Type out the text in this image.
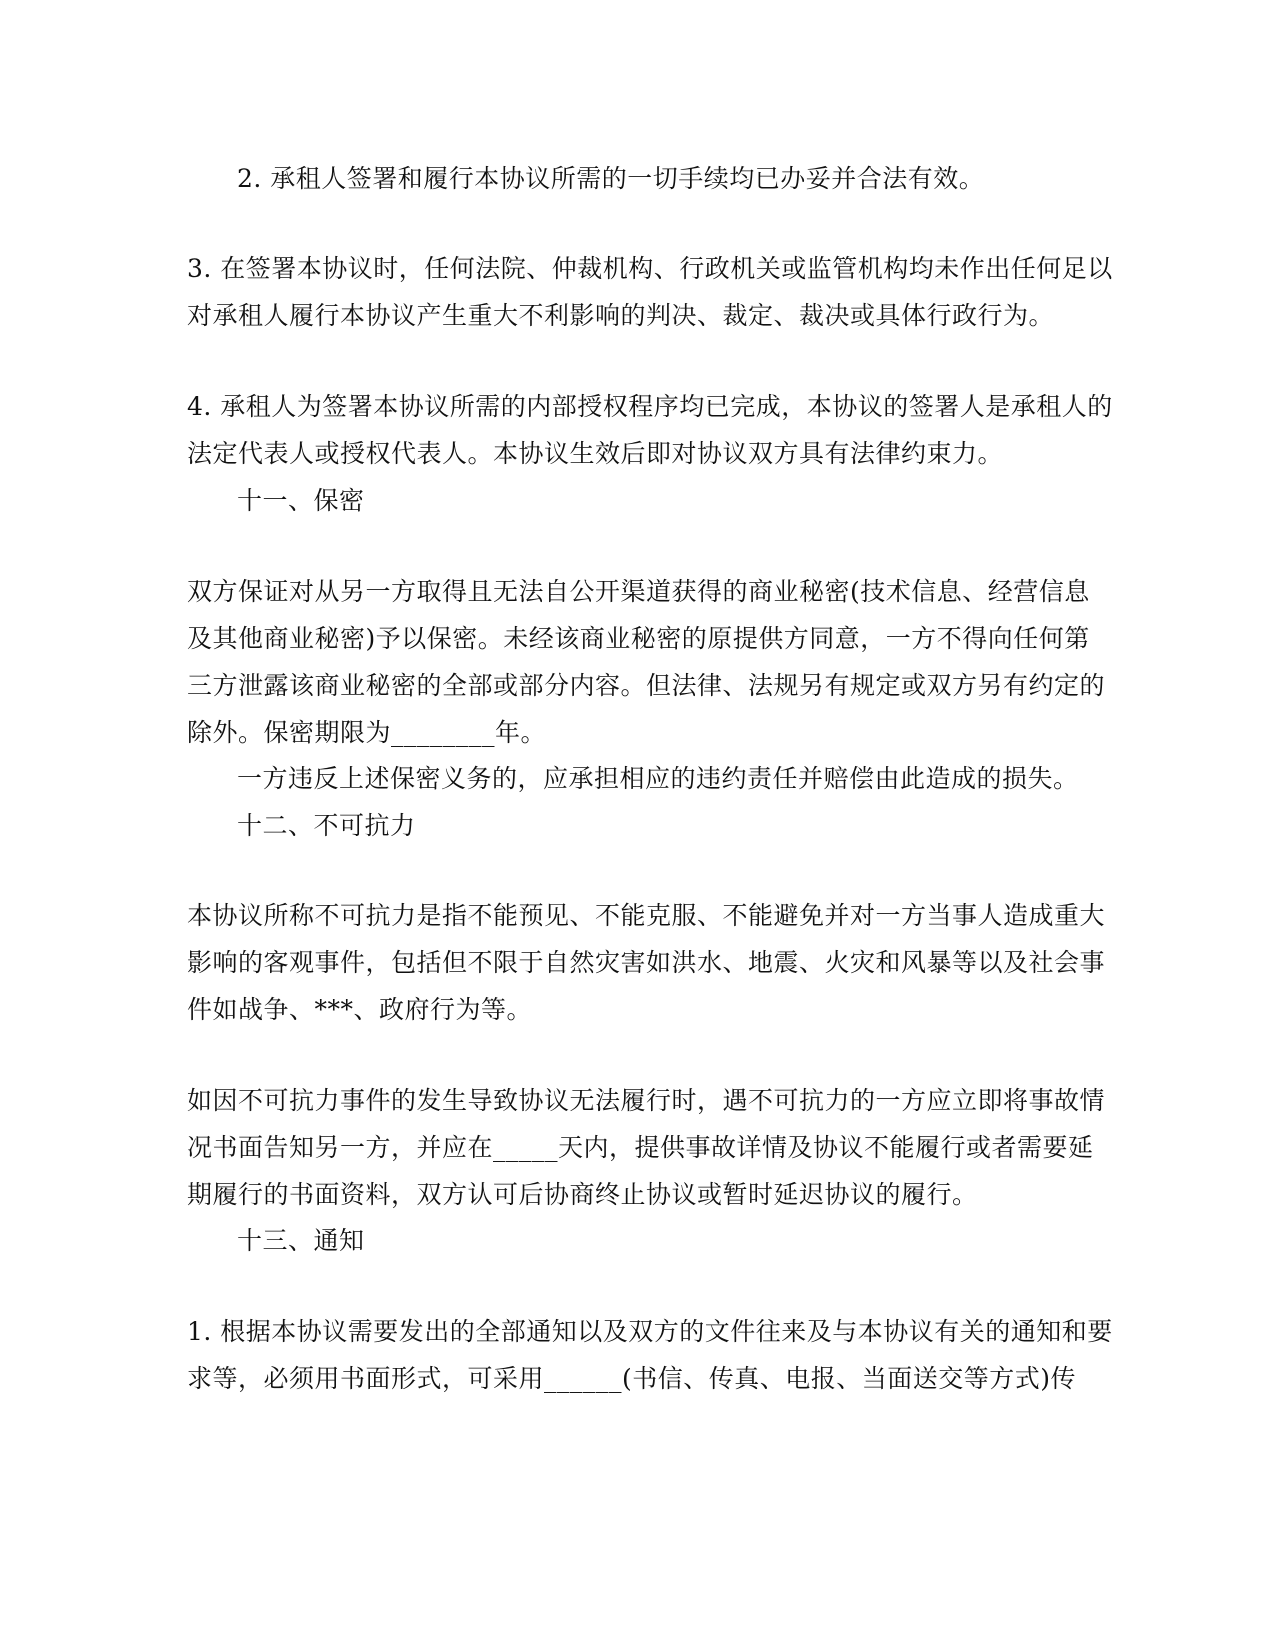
2. 承租人签署和履行本协议所需的一切手续均已办妥并合法有效。
3. 在签署本协议时，任何法院、仲裁机构、行政机关或监管机构均未作出任何足以
对承租人履行本协议产生重大不利影响的判决、裁定、裁决或具体行政行为。
4. 承租人为签署本协议所需的内部授权程序均已完成，本协议的签署人是承租人的
法定代表人或授权代表人。本协议生效后即对协议双方具有法律约束力。
十一、保密
双方保证对从另一方取得且无法自公开渠道获得的商业秘密(技术信息、经营信息
及其他商业秘密)予以保密。未经该商业秘密的原提供方同意，一方不得向任何第
三方泄露该商业秘密的全部或部分内容。但法律、法规另有规定或双方另有约定的
除外。保密期限为________年。
一方违反上述保密义务的，应承担相应的违约责任并赔偿由此造成的损失。
十二、不可抗力
本协议所称不可抗力是指不能预见、不能克服、不能避免并对一方当事人造成重大
影响的客观事件，包括但不限于自然灾害如洪水、地震、火灾和风暴等以及社会事
件如战争、***、政府行为等。
如因不可抗力事件的发生导致协议无法履行时，遇不可抗力的一方应立即将事故情
况书面告知另一方，并应在_____天内，提供事故详情及协议不能履行或者需要延
期履行的书面资料，双方认可后协商终止协议或暂时延迟协议的履行。
十三、通知
1. 根据本协议需要发出的全部通知以及双方的文件往来及与本协议有关的通知和要
求等，必须用书面形式，可采用______(书信、传真、电报、当面送交等方式)传
